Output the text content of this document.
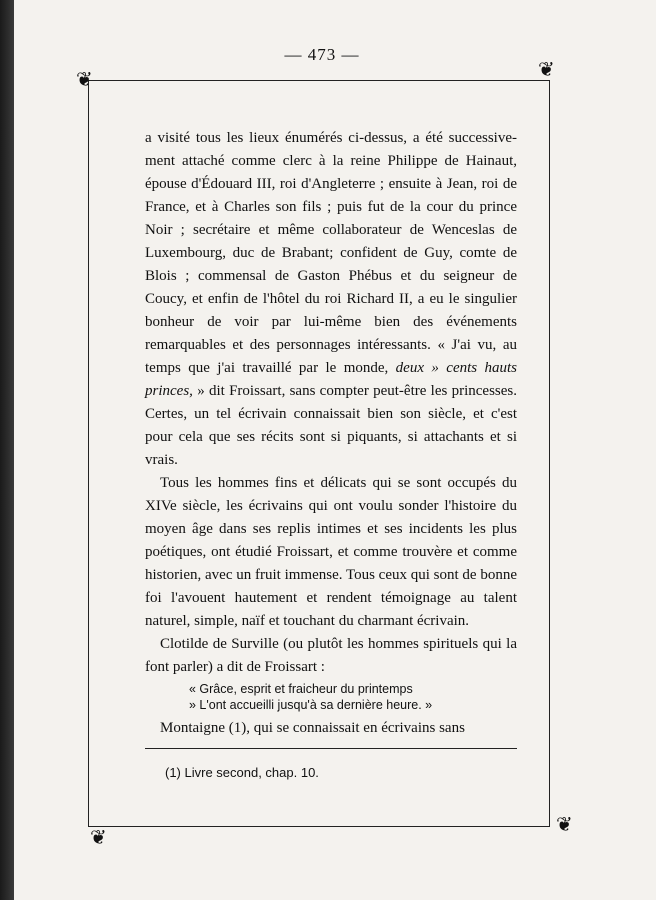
— 473 —
❦	❦
❦
❦

a visité tous les lieux énumérés ci-dessus, a été successivement attaché comme clerc à la reine Philippe de Hainaut, épouse d'Édouard III, roi d'Angleterre ; ensuite à Jean, roi de France, et à Charles son fils ; puis fut de la cour du prince Noir ; secrétaire et même collaborateur de Wenceslas de Luxembourg, duc de Brabant; confident de Guy, comte de Blois ; commensal de Gaston Phébus et du seigneur de Coucy, et enfin de l'hôtel du roi Richard II, a eu le singulier bonheur de voir par lui-même bien des événements remarquables et des personnages intéressants. « J'ai vu, au temps que j'ai travaillé par le monde, deux » cents hauts princes, » dit Froissart, sans compter peut-être les princesses. Certes, un tel écrivain connaissait bien son siècle, et c'est pour cela que ses récits sont si piquants, si attachants et si vrais.

Tous les hommes fins et délicats qui se sont occupés du XIVe siècle, les écrivains qui ont voulu sonder l'histoire du moyen âge dans ses replis intimes et ses incidents les plus poétiques, ont étudié Froissart, et comme trouvère et comme historien, avec un fruit immense. Tous ceux qui sont de bonne foi l'avouent hautement et rendent témoignage au talent naturel, simple, naïf et touchant du charmant écrivain.

Clotilde de Surville (ou plutôt les hommes spirituels qui la font parler) a dit de Froissart :

« Grâce, esprit et fraicheur du printemps
» L'ont accueilli jusqu'à sa dernière heure. »

Montaigne (1), qui se connaissait en écrivains sans

(1) Livre second, chap. 10.
